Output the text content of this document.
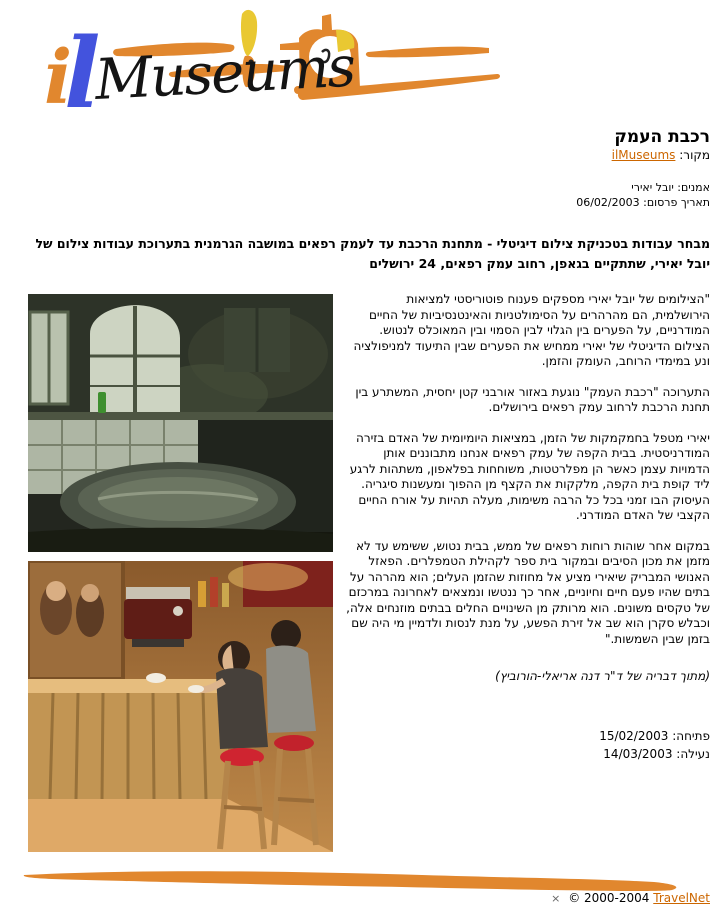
i
l
Museums
רכבת העמק
מקור: ilMuseums
אמנים: יובל יאירי
תאריך פרסום: 06/02/2003
מבחר עבודות בטכניקת צילום דיגיטלי - מתחנת הרכבת עד לעמק רפאים במושבה הגרמנית בתערוכת עבודות צילום של יובל יאירי, שתתקיים בגאפן, רחוב עמק רפאים, 24 ירושלים

"הצילומים של יובל יאירי מספקים פענוח פוטוריסטי למציאות הירושלמית, הם מהרהרים על הסימולטניות והאינטנסיביות של החיים המודרניים, על הפערים בין הגלוי לבין הסמוי ובין המאוכלס לנטוש. הצילום הדיגיטלי של יאירי ממחיש את הפערים שבין התיעוד למניפולציה ונע במימדי הרוחב, העומק והזמן.

התערוכה "רכבת העמק" נוגעת באזור אורבני קטן יחסית, המשתרע בין תחנת הרכבת לרחוב עמק רפאים בירושלים.

יאירי מטפל בחמקמקות של הזמן, במציאות היומיומית של האדם בזירה המודרניסטית. בבית הקפה של עמק רפאים אנחנו מתבוננים אותן הדמויות עצמן כאשר הן מפלרטטות, משוחחות בפלאפון, משתהות לרגע ליד קופת בית הקפה, מלקקות את הקצף מן ההפוך ומעשנות סיגריה. העיסוק הבו זמני בכל כל הרבה משימות, מעלה תהיות על אורח החיים הקצבי של האדם המודרני.

במקום אחר שוהות רוחות רפאים של ממש, בבית נטוש, ששימש עד לא מזמן את מכון הסיבים ובמקור בית ספר לקהילת הטמפלרים. הפאזל האנושי המבריק שיאירי מציע אל מחוזות שהזמן העלים; הוא מהרהר על בתים שהיו פעם חיים וחיוניים, אחר כך ננטשו ונמצאים לאחרונה במרכזם של טקסים משונים. הוא מרותק מן השינויים החלים בבתים מוזנחים אלה, וכבלש סקרן הוא שב אל זירת הפשע, על מנת לנסות ולדמיין מי היה שם בזמן שבין השמשות."

(מתוך דבריה של ד"ר דנה אריאלי-הורוביץ)
פתיחה: 15/02/2003
נעילה: 14/03/2003
× © 2000-2004 TravelNet
